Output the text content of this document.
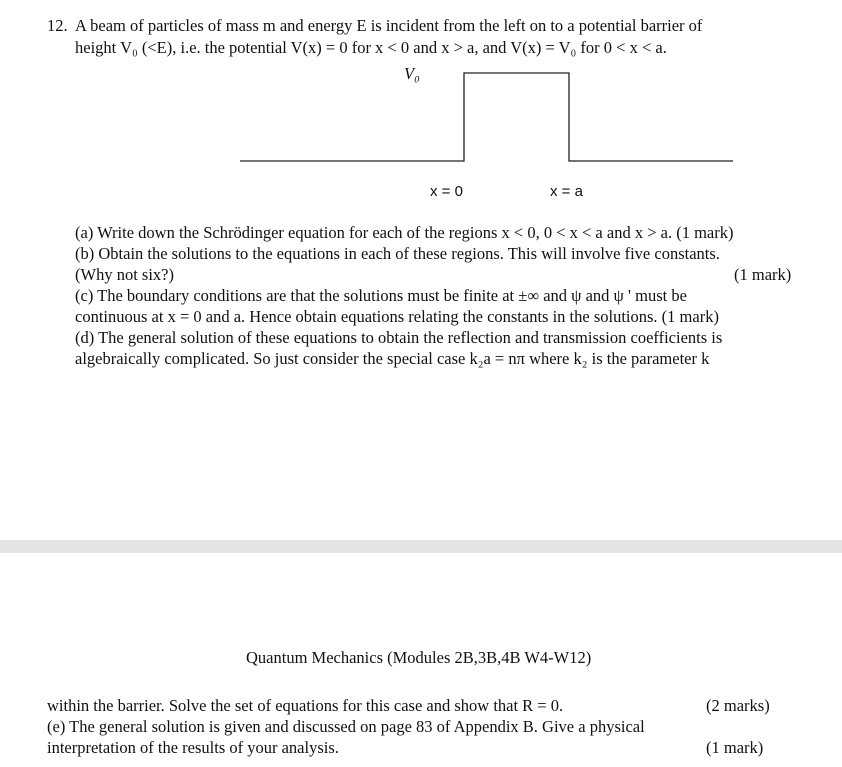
12. A beam of particles of mass m and energy E is incident from the left on to a potential barrier of
height V₀ (<E), i.e. the potential V(x) = 0 for x < 0 and x > a, and V(x) = V₀ for 0 < x < a.
V₀
x = 0	x = a
(a) Write down the Schrödinger equation for each of the regions x < 0, 0 < x < a and x > a. (1 mark)
(b) Obtain the solutions to the equations in each of these regions. This will involve five constants.
(Why not six?)	(1 mark)
(c) The boundary conditions are that the solutions must be finite at ±∞ and ψ and ψ ' must be
continuous at x = 0 and a. Hence obtain equations relating the constants in the solutions. (1 mark)
(d) The general solution of these equations to obtain the reflection and transmission coefficients is
algebraically complicated. So just consider the special case k₂a = nπ where k₂ is the parameter k
Quantum Mechanics (Modules 2B,3B,4B W4-W12)
within the barrier. Solve the set of equations for this case and show that R = 0.	(2 marks)
(e) The general solution is given and discussed on page 83 of Appendix B. Give a physical
interpretation of the results of your analysis.	(1 mark)
